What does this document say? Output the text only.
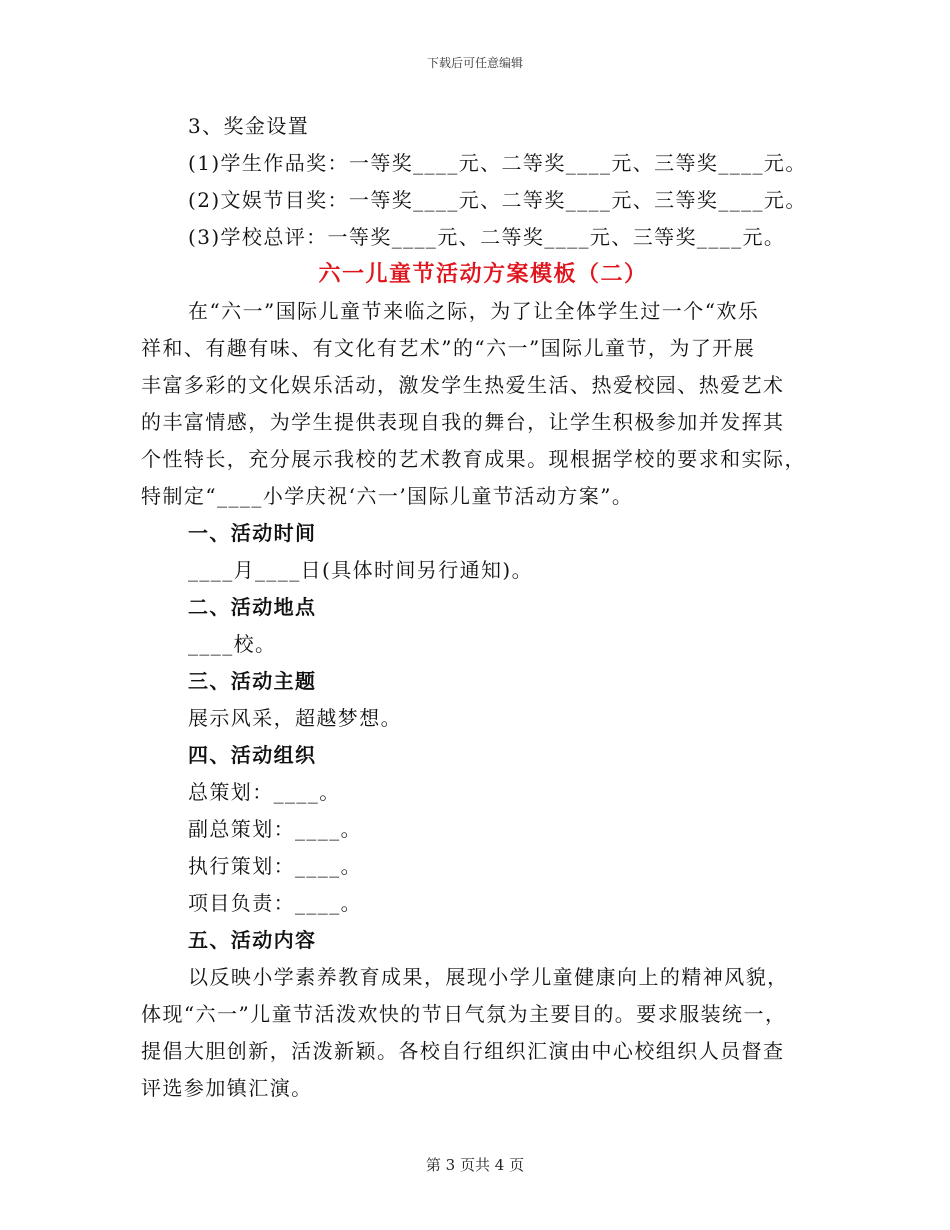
下载后可任意编辑
3、奖金设置
(1)学生作品奖：一等奖____元、二等奖____元、三等奖____元。
(2)文娱节目奖：一等奖____元、二等奖____元、三等奖____元。
(3)学校总评：一等奖____元、二等奖____元、三等奖____元。
六一儿童节活动方案模板（二）
在“六一”国际儿童节来临之际，为了让全体学生过一个“欢乐
祥和、有趣有味、有文化有艺术”的“六一”国际儿童节，为了开展
丰富多彩的文化娱乐活动，激发学生热爱生活、热爱校园、热爱艺术
的丰富情感，为学生提供表现自我的舞台，让学生积极参加并发挥其
个性特长，充分展示我校的艺术教育成果。现根据学校的要求和实际，
特制定“____小学庆祝‘六一’国际儿童节活动方案”。
一、活动时间
____月____日(具体时间另行通知)。
二、活动地点
____校。
三、活动主题
展示风采，超越梦想。
四、活动组织
总策划：____。
副总策划：____。
执行策划：____。
项目负责：____。
五、活动内容
以反映小学素养教育成果，展现小学儿童健康向上的精神风貌，
体现“六一”儿童节活泼欢快的节日气氛为主要目的。要求服装统一，
提倡大胆创新，活泼新颖。各校自行组织汇演由中心校组织人员督查
评选参加镇汇演。
第 3 页共 4 页
